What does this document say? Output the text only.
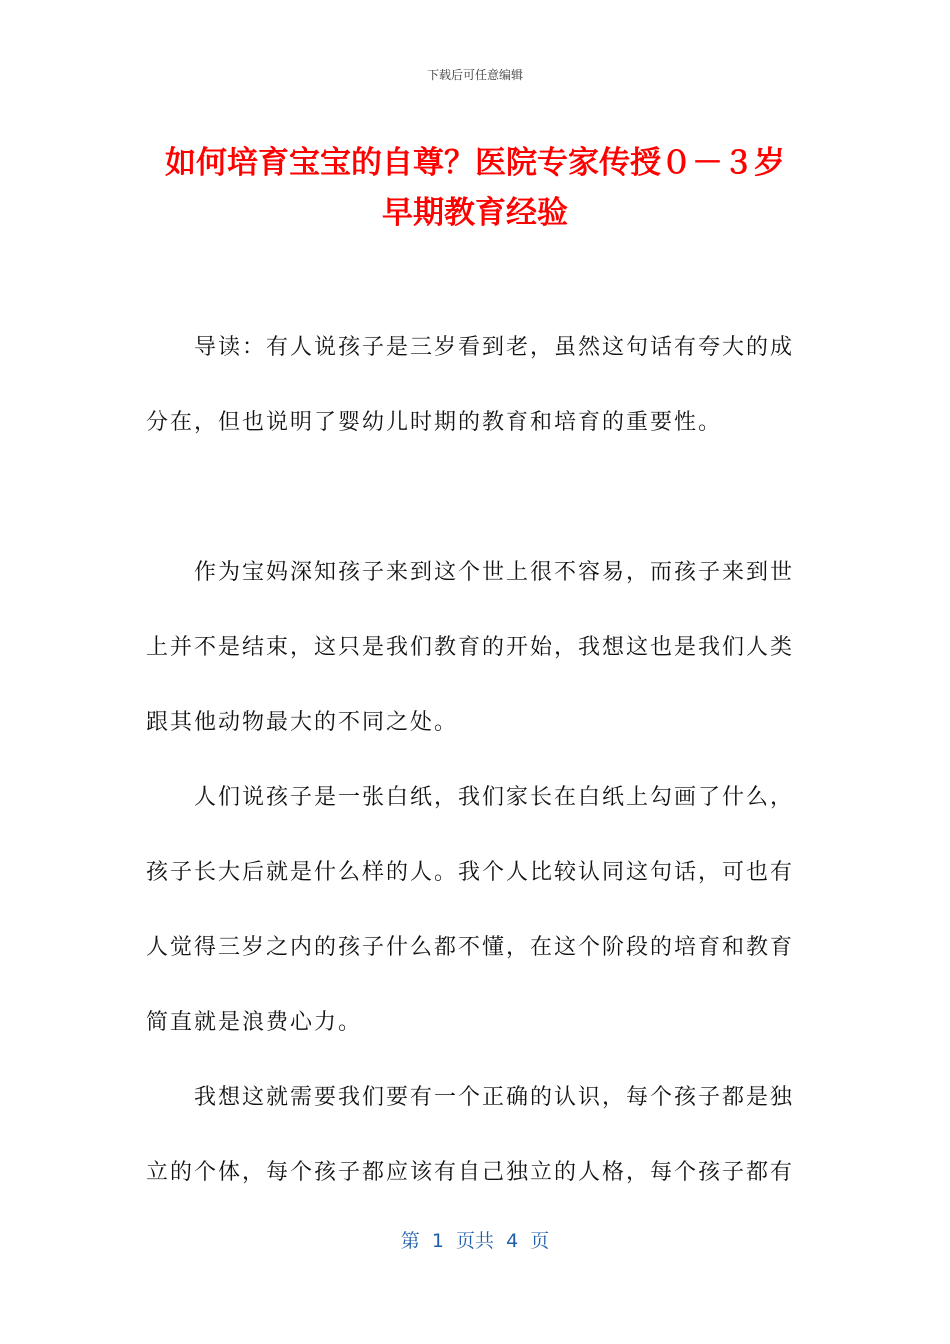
下载后可任意编辑
如何培育宝宝的自尊？医院专家传授０－３岁
早期教育经验
导读：有人说孩子是三岁看到老，虽然这句话有夸大的成
分在，但也说明了婴幼儿时期的教育和培育的重要性。
作为宝妈深知孩子来到这个世上很不容易，而孩子来到世
上并不是结束，这只是我们教育的开始，我想这也是我们人类
跟其他动物最大的不同之处。
人们说孩子是一张白纸，我们家长在白纸上勾画了什么，
孩子长大后就是什么样的人。我个人比较认同这句话，可也有
人觉得三岁之内的孩子什么都不懂，在这个阶段的培育和教育
简直就是浪费心力。
我想这就需要我们要有一个正确的认识，每个孩子都是独
立的个体，每个孩子都应该有自己独立的人格，每个孩子都有
第  1  页共  4  页
